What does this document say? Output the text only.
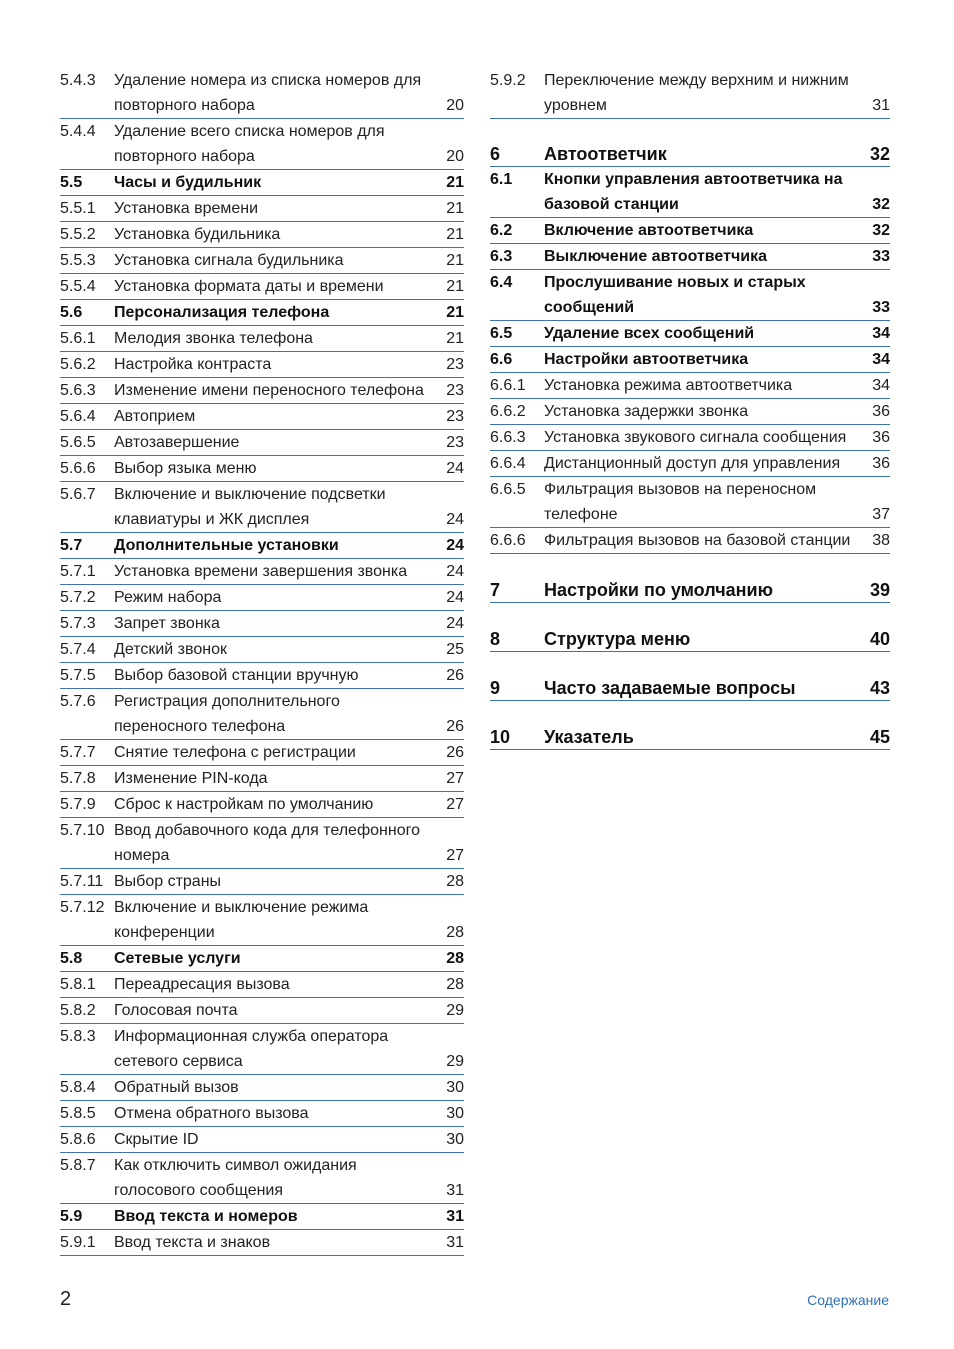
5.4.3	Удаление номера из списка номеров для повторного набора	20
5.4.4	Удаление всего списка номеров для повторного набора	20
5.5	Часы и будильник	21
5.5.1	Установка времени	21
5.5.2	Установка будильника	21
5.5.3	Установка сигнала будильника	21
5.5.4	Установка формата даты и времени	21
5.6	Персонализация телефона	21
5.6.1	Мелодия звонка телефона	21
5.6.2	Настройка контраста	23
5.6.3	Изменение имени переносного телефона	23
5.6.4	Автоприем	23
5.6.5	Автозавершение	23
5.6.6	Выбор языка меню	24
5.6.7	Включение и выключение подсветки клавиатуры и ЖК дисплея	24
5.7	Дополнительные установки	24
5.7.1	Установка времени завершения звонка	24
5.7.2	Режим набора	24
5.7.3	Запрет звонка	24
5.7.4	Детский звонок	25
5.7.5	Выбор базовой станции вручную	26
5.7.6	Регистрация дополнительного переносного телефона	26
5.7.7	Снятие телефона с регистрации	26
5.7.8	Изменение PIN-кода	27
5.7.9	Сброс к настройкам по умолчанию	27
5.7.10 Ввод добавочного кода для телефонного номера	27
5.7.11 Выбор страны	28
5.7.12 Включение и выключение режима конференции	28
5.8	Сетевые услуги	28
5.8.1	Переадресация вызова	28
5.8.2	Голосовая почта	29
5.8.3	Информационная служба оператора сетевого сервиса	29
5.8.4	Обратный вызов	30
5.8.5	Отмена обратного вызова	30
5.8.6	Скрытие ID	30
5.8.7	Как отключить символ ожидания голосового сообщения	31
5.9	Ввод текста и номеров	31
5.9.1	Ввод текста и знаков	31
5.9.2	Переключение между верхним и нижним уровнем	31
6	Автоответчик	32
6.1	Кнопки управления автоответчика на базовой станции	32
6.2	Включение автоответчика	32
6.3	Выключение автоответчика	33
6.4	Прослушивание новых и старых сообщений	33
6.5	Удаление всех сообщений	34
6.6	Настройки автоответчика	34
6.6.1	Установка режима автоответчика	34
6.6.2	Установка задержки звонка	36
6.6.3	Установка звукового сигнала сообщения	36
6.6.4	Дистанционный доступ для управления	36
6.6.5	Фильтрация вызовов на переносном телефоне	37
6.6.6	Фильтрация вызовов на базовой станции	38
7	Настройки по умолчанию	39
8	Структура меню	40
9	Часто задаваемые вопросы	43
10	Указатель	45
2	Содержание
